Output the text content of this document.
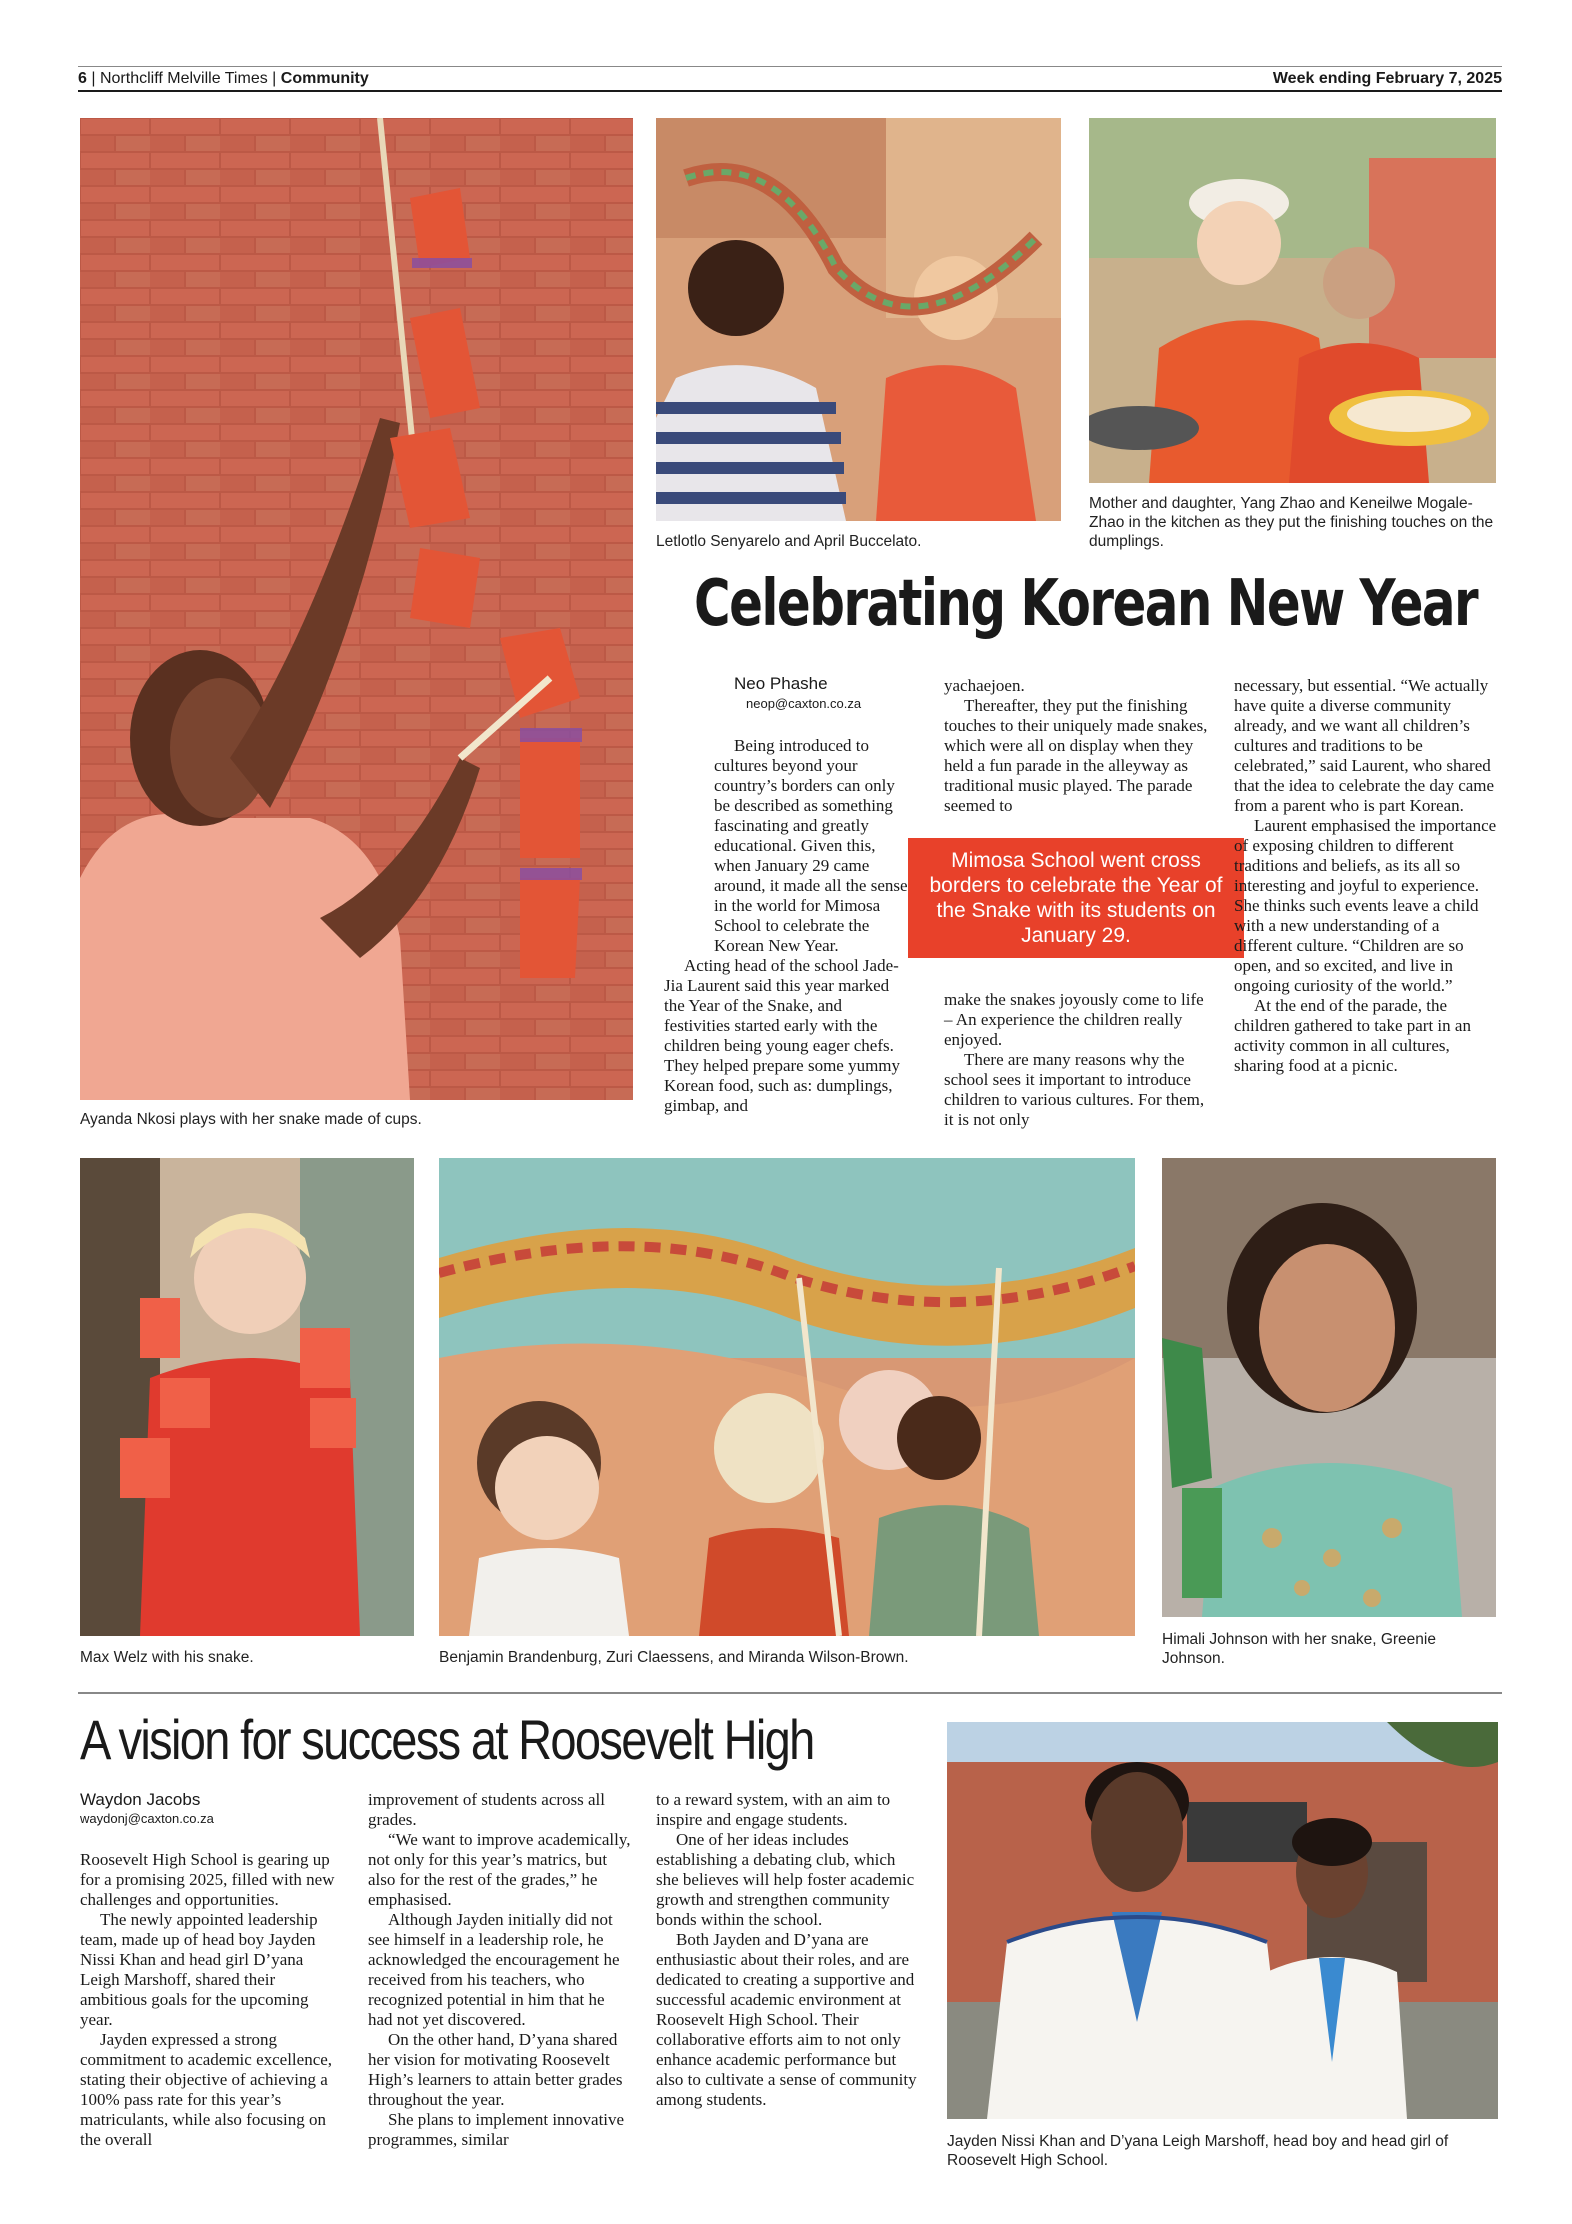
6 | Northcliff Melville Times | Community	Week ending February 7, 2025
Ayanda Nkosi plays with her snake made of cups.
Letlotlo Senyarelo and April Buccelato.
Mother and daughter, Yang Zhao and Keneilwe Mogale-Zhao in the kitchen as they put the finishing touches on the dumplings.
Celebrating Korean New Year
Neo Phashe
neop@caxton.co.za

Being introduced to cultures beyond your country’s borders can only be described as something fascinating and greatly educational. Given this, when January 29 came around, it made all the sense in the world for Mimosa School to celebrate the Korean New Year.

Acting head of the school Jade-Jia Laurent said this year marked the Year of the Snake, and festivities started early with the children being young eager chefs. They helped prepare some yummy Korean food, such as: dumplings, gimbap, and

yachaejoen.

Thereafter, they put the finishing touches to their uniquely made snakes, which were all on display when they held a fun parade in the alleyway as traditional music played. The parade seemed to

Mimosa School went cross borders to celebrate the Year of the Snake with its students on January 29.

make the snakes joyously come to life – An experience the children really enjoyed.

There are many reasons why the school sees it important to introduce children to various cultures. For them, it is not only

necessary, but essential. “We actually have quite a diverse community already, and we want all children’s cultures and traditions to be celebrated,” said Laurent, who shared that the idea to celebrate the day came from a parent who is part Korean.

Laurent emphasised the importance of exposing children to different traditions and beliefs, as its all so interesting and joyful to experience. She thinks such events leave a child with a new understanding of a different culture. “Children are so open, and so excited, and live in ongoing curiosity of the world.”

At the end of the parade, the children gathered to take part in an activity common in all cultures, sharing food at a picnic.

Max Welz with his snake.	Benjamin Brandenburg, Zuri Claessens, and Miranda Wilson-Brown.
Himali Johnson with her snake, Greenie Johnson.
A vision for success at Roosevelt High
Waydon Jacobs
waydonj@caxton.co.za

Roosevelt High School is gearing up for a promising 2025, filled with new challenges and opportunities.

The newly appointed leadership team, made up of head boy Jayden Nissi Khan and head girl D’yana Leigh Marshoff, shared their ambitious goals for the upcoming year.

Jayden expressed a strong commitment to academic excellence, stating their objective of achieving a 100% pass rate for this year’s matriculants, while also focusing on the overall

improvement of students across all grades.

“We want to improve academically, not only for this year’s matrics, but also for the rest of the grades,” he emphasised.

Although Jayden initially did not see himself in a leadership role, he acknowledged the encouragement he received from his teachers, who recognized potential in him that he had not yet discovered.

On the other hand, D’yana shared her vision for motivating Roosevelt High’s learners to attain better grades throughout the year.

She plans to implement innovative programmes, similar

to a reward system, with an aim to inspire and engage students.

One of her ideas includes establishing a debating club, which she believes will help foster academic growth and strengthen community bonds within the school.

Both Jayden and D’yana are enthusiastic about their roles, and are dedicated to creating a supportive and successful academic environment at Roosevelt High School. Their collaborative efforts aim to not only enhance academic performance but also to cultivate a sense of community among students.

Jayden Nissi Khan and D’yana Leigh Marshoff, head boy and head girl of Roosevelt High School.
